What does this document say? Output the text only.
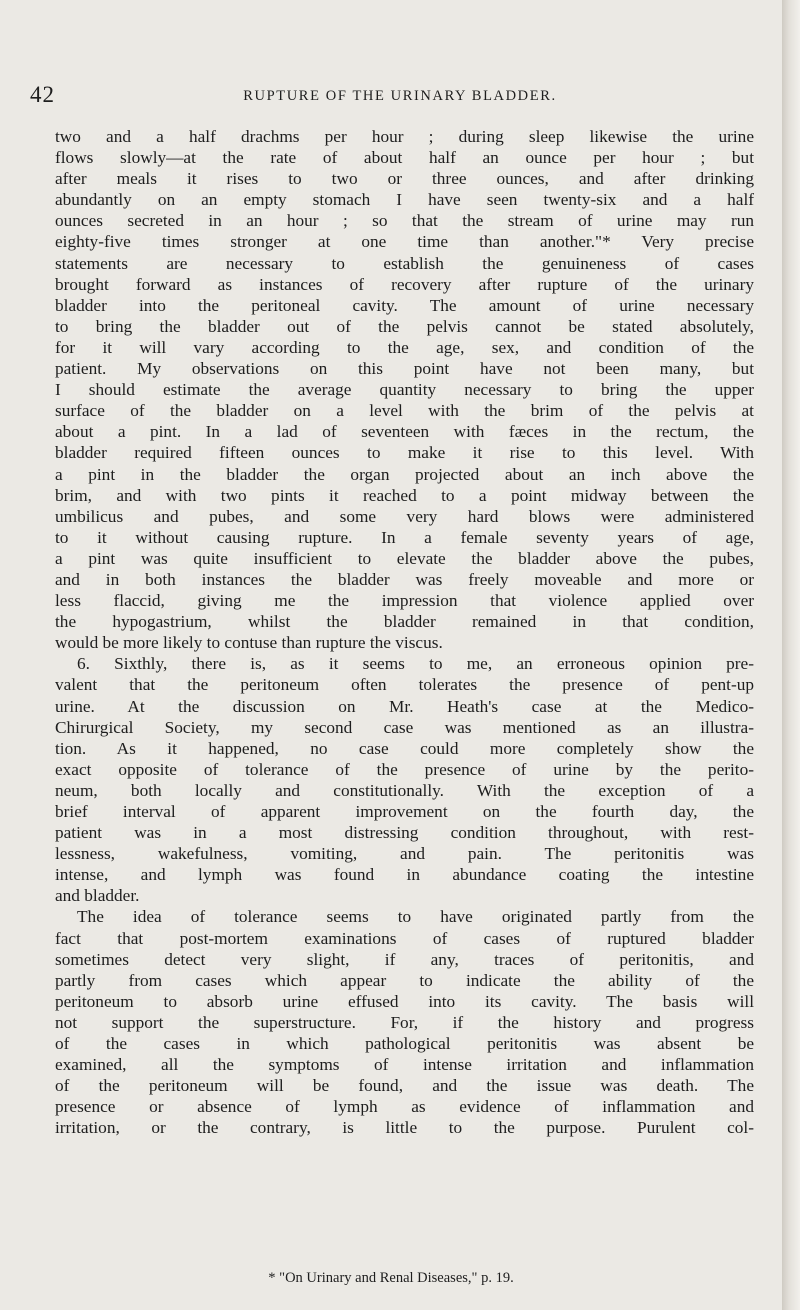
42	RUPTURE OF THE URINARY BLADDER.
two and a half drachms per hour ; during sleep likewise the urine
flows slowly—at the rate of about half an ounce per hour ; but
after meals it rises to two or three ounces, and after drinking
abundantly on an empty stomach I have seen twenty-six and a half
ounces secreted in an hour ; so that the stream of urine may run
eighty-five times stronger at one time than another."* Very precise
statements are necessary to establish the genuineness of cases
brought forward as instances of recovery after rupture of the urinary
bladder into the peritoneal cavity. The amount of urine necessary
to bring the bladder out of the pelvis cannot be stated absolutely,
for it will vary according to the age, sex, and condition of the
patient. My observations on this point have not been many, but
I should estimate the average quantity necessary to bring the upper
surface of the bladder on a level with the brim of the pelvis at
about a pint. In a lad of seventeen with fæces in the rectum, the
bladder required fifteen ounces to make it rise to this level. With
a pint in the bladder the organ projected about an inch above the
brim, and with two pints it reached to a point midway between the
umbilicus and pubes, and some very hard blows were administered
to it without causing rupture. In a female seventy years of age,
a pint was quite insufficient to elevate the bladder above the pubes,
and in both instances the bladder was freely moveable and more or
less flaccid, giving me the impression that violence applied over
the hypogastrium, whilst the bladder remained in that condition,
would be more likely to contuse than rupture the viscus.
6. Sixthly, there is, as it seems to me, an erroneous opinion pre-
valent that the peritoneum often tolerates the presence of pent-up
urine. At the discussion on Mr. Heath's case at the Medico-
Chirurgical Society, my second case was mentioned as an illustra-
tion. As it happened, no case could more completely show the
exact opposite of tolerance of the presence of urine by the perito-
neum, both locally and constitutionally. With the exception of a
brief interval of apparent improvement on the fourth day, the
patient was in a most distressing condition throughout, with rest-
lessness, wakefulness, vomiting, and pain. The peritonitis was
intense, and lymph was found in abundance coating the intestine
and bladder.
The idea of tolerance seems to have originated partly from the
fact that post-mortem examinations of cases of ruptured bladder
sometimes detect very slight, if any, traces of peritonitis, and
partly from cases which appear to indicate the ability of the
peritoneum to absorb urine effused into its cavity. The basis will
not support the superstructure. For, if the history and progress
of the cases in which pathological peritonitis was absent be
examined, all the symptoms of intense irritation and inflammation
of the peritoneum will be found, and the issue was death. The
presence or absence of lymph as evidence of inflammation and
irritation, or the contrary, is little to the purpose. Purulent col-
* "On Urinary and Renal Diseases," p. 19.
